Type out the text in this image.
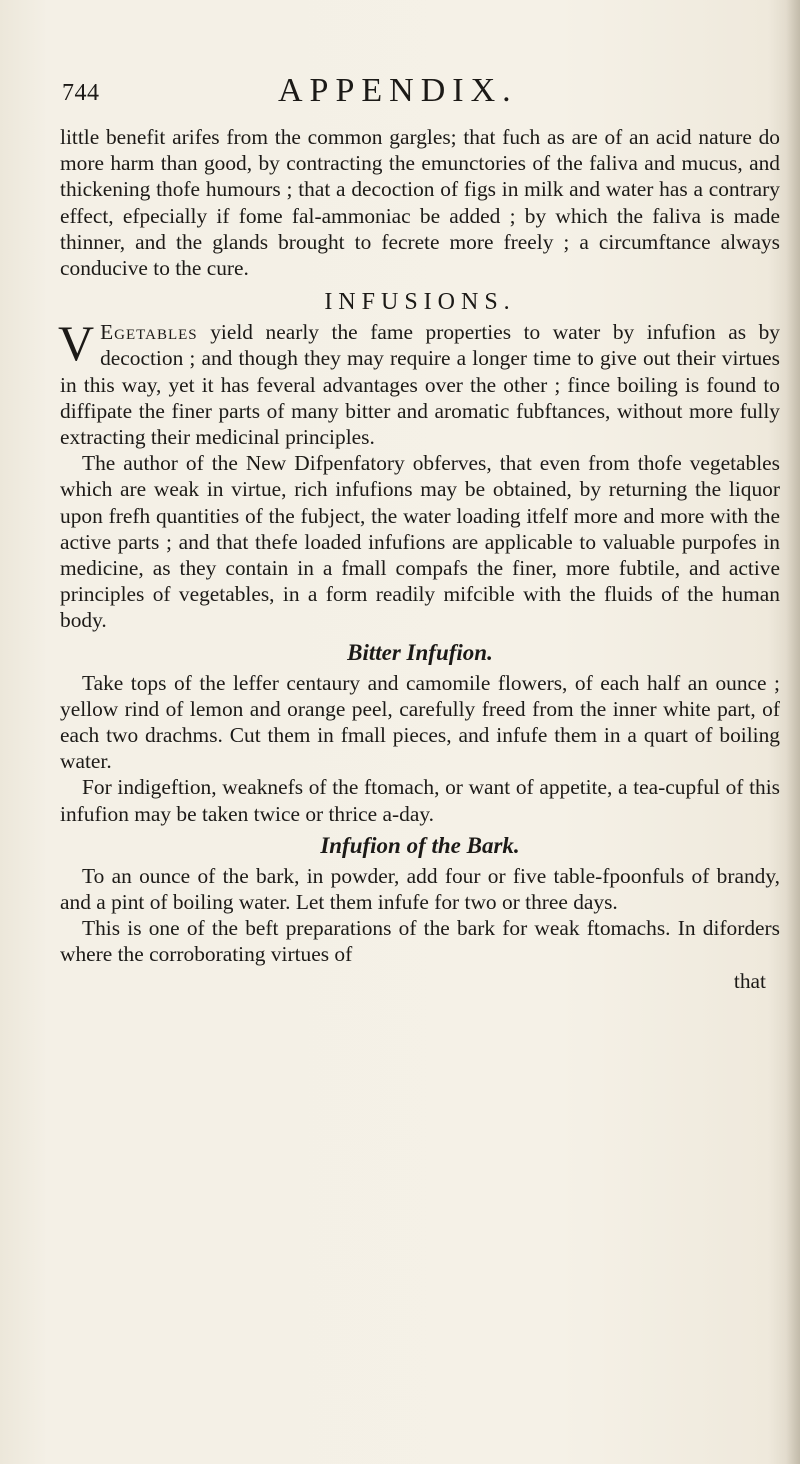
744	APPENDIX.

little benefit arifes from the common gargles; that fuch as are of an acid nature do more harm than good, by contracting the emunctories of the faliva and mucus, and thickening thofe humours ; that a decoction of figs in milk and water has a contrary effect, efpecially if fome fal-ammoniac be added ; by which the faliva is made thinner, and the glands brought to fecrete more freely ; a circumftance always conducive to the cure.

INFUSIONS.

V Egetables yield nearly the fame properties to water by infufion as by decoction ; and though they may require a longer time to give out their virtues in this way, yet it has feveral advantages over the other ; fince boiling is found to diffipate the finer parts of many bitter and aromatic fubftances, without more fully extracting their medicinal principles.

The author of the New Difpenfatory obferves, that even from thofe vegetables which are weak in virtue, rich infufions may be obtained, by returning the liquor upon frefh quantities of the fubject, the water loading itfelf more and more with the active parts ; and that thefe loaded infufions are applicable to valuable purpofes in medicine, as they contain in a fmall compafs the finer, more fubtile, and active principles of vegetables, in a form readily mifcible with the fluids of the human body.

Bitter Infufion.

Take tops of the leffer centaury and camomile flowers, of each half an ounce ; yellow rind of lemon and orange peel, carefully freed from the inner white part, of each two drachms. Cut them in fmall pieces, and infufe them in a quart of boiling water.

For indigeftion, weaknefs of the ftomach, or want of appetite, a tea-cupful of this infufion may be taken twice or thrice a-day.

Infufion of the Bark.

To an ounce of the bark, in powder, add four or five table-fpoonfuls of brandy, and a pint of boiling water. Let them infufe for two or three days.

This is one of the beft preparations of the bark for weak ftomachs. In diforders where the corroborating virtues of

that
